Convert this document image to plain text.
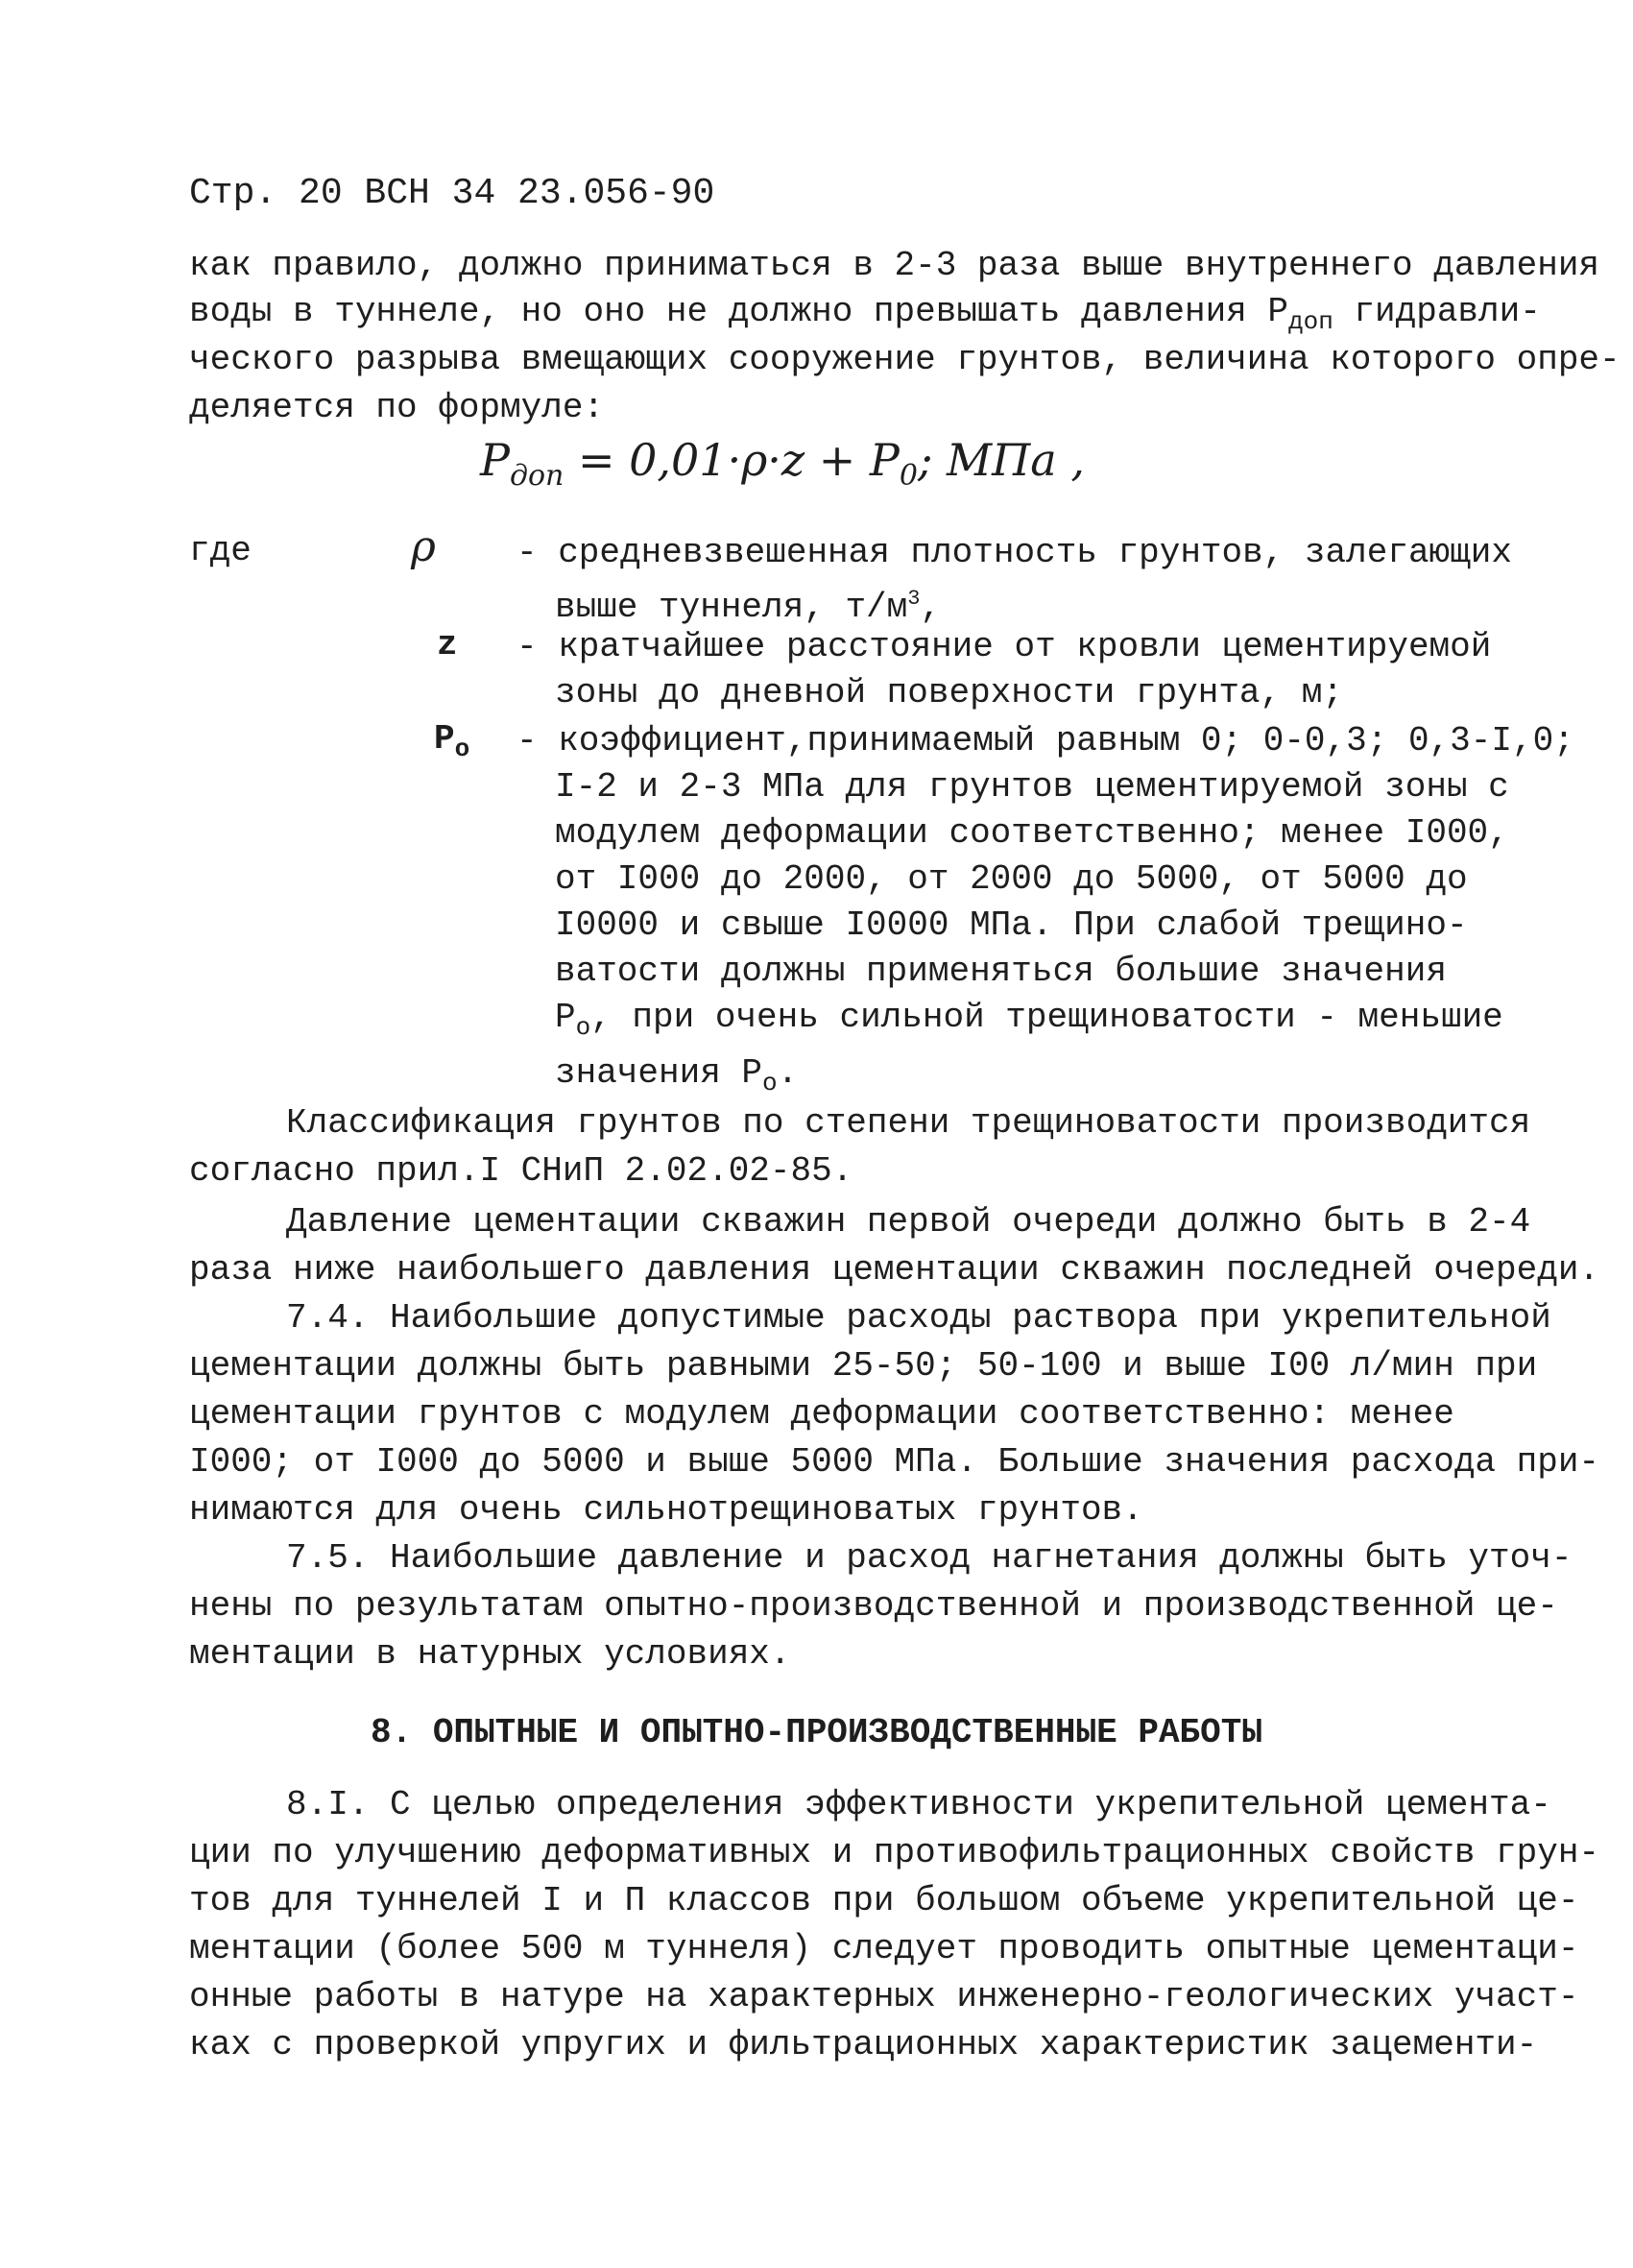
Стр. 20 ВСН 34 23.056-90
как правило, должно приниматься в 2-3 раза выше внутреннего давления
воды в туннеле, но оно не должно превышать давления $P_{доп}$ гидравли-
ческого разрыва вмещающих сооружение грунтов, величина которого опре-
деляется по формуле:
$P_{доп} = 0,01\cdot\rho\cdot z + P_0$; МПа ,
где	ρ - средневзвешенная плотность грунтов, залегающих
выше туннеля, $т/м^3$,
z - кратчайшее расстояние от кровли цементируемой
зоны до дневной поверхности грунта, м;
$P_o$ - коэффициент,принимаемый равным 0; 0-0,3; 0,3-I,0;
I-2 и 2-3 МПа для грунтов цементируемой зоны с
модулем деформации соответственно; менее I000,
от I000 до 2000, от 2000 до 5000, от 5000 до
I0000 и свыше I0000 МПа. При слабой трещино-
ватости должны применяться большие значения
$P_o$, при очень сильной трещиноватости - меньшие
значения $P_o$.
Классификация грунтов по степени трещиноватости производится
согласно прил.I СНиП 2.02.02-85.
Давление цементации скважин первой очереди должно быть в 2-4
раза ниже наибольшего давления цементации скважин последней очереди.
7.4. Наибольшие допустимые расходы раствора при укрепительной
цементации должны быть равными 25-50; 50-100 и выше I00 л/мин при
цементации грунтов с модулем деформации соответственно: менее
I000; от I000 до 5000 и выше 5000 МПа. Большие значения расхода при-
нимаются для очень сильнотрещиноватых грунтов.
7.5. Наибольшие давление и расход нагнетания должны быть уточ-
нены по результатам опытно-производственной и производственной це-
ментации в натурных условиях.
8. ОПЫТНЫЕ И ОПЫТНО-ПРОИЗВОДСТВЕННЫЕ РАБОТЫ
8.I. С целью определения эффективности укрепительной цемента-
ции по улучшению деформативных и противофильтрационных свойств грун-
тов для туннелей I и П классов при большом объеме укрепительной це-
ментации (более 500 м туннеля) следует проводить опытные цементаци-
онные работы в натуре на характерных инженерно-геологических участ-
ках с проверкой упругих и фильтрационных характеристик зацементи-
